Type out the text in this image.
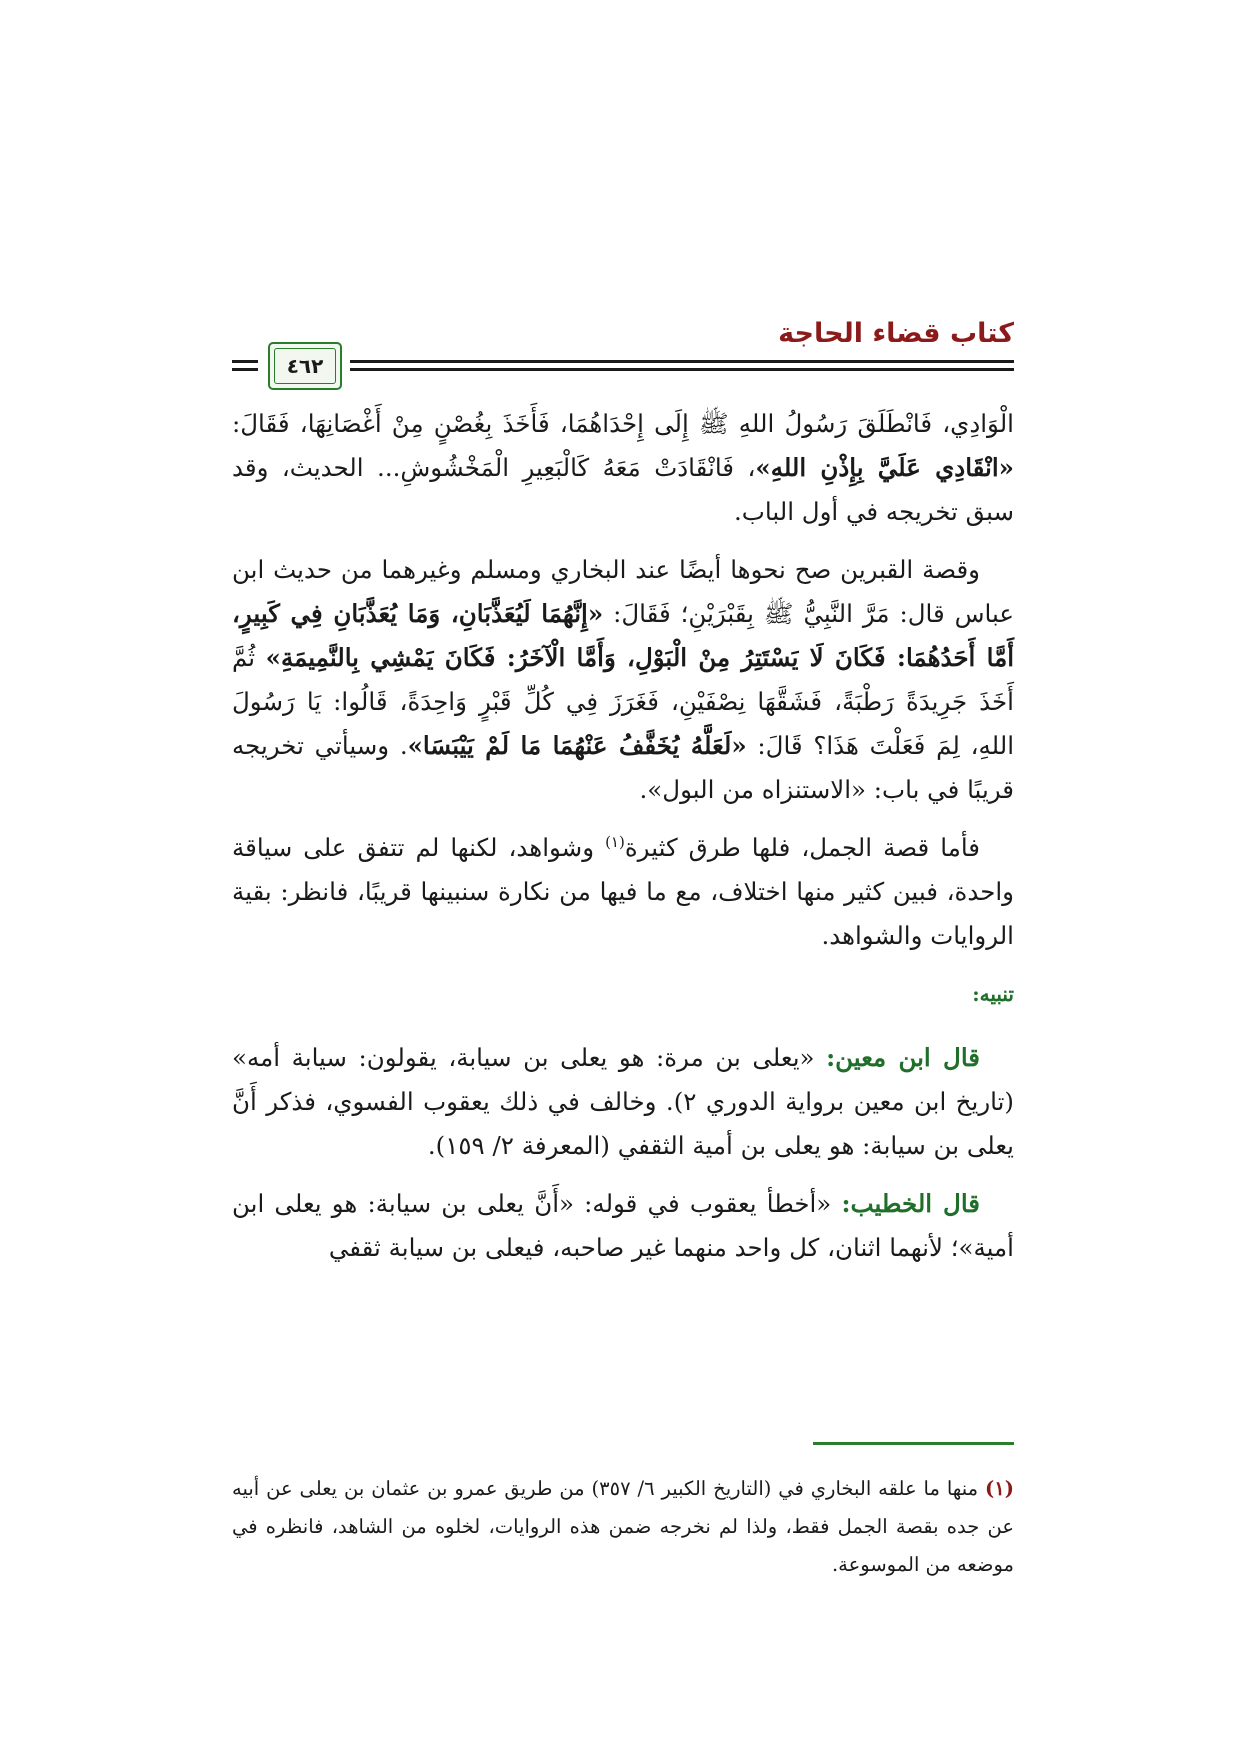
كتاب قضاء الحاجة
٤٦٢

الْوَادِي، فَانْطَلَقَ رَسُولُ اللهِ ﷺ إِلَى إِحْدَاهُمَا، فَأَخَذَ بِغُصْنٍ مِنْ أَغْصَانِهَا، فَقَالَ: «انْقَادِي عَلَيَّ بِإِذْنِ اللهِ»، فَانْقَادَتْ مَعَهُ كَالْبَعِيرِ الْمَخْشُوشِ... الحديث، وقد سبق تخريجه في أول الباب.

وقصة القبرين صح نحوها أيضًا عند البخاري ومسلم وغيرهما من حديث ابن عباس قال: مَرَّ النَّبِيُّ ﷺ بِقَبْرَيْنِ؛ فَقَالَ: «إِنَّهُمَا لَيُعَذَّبَانِ، وَمَا يُعَذَّبَانِ فِي كَبِيرٍ، أَمَّا أَحَدُهُمَا: فَكَانَ لَا يَسْتَتِرُ مِنْ الْبَوْلِ، وَأَمَّا الْآخَرُ: فَكَانَ يَمْشِي بِالنَّمِيمَةِ» ثُمَّ أَخَذَ جَرِيدَةً رَطْبَةً، فَشَقَّهَا نِصْفَيْنِ، فَغَرَزَ فِي كُلِّ قَبْرٍ وَاحِدَةً، قَالُوا: يَا رَسُولَ اللهِ، لِمَ فَعَلْتَ هَذَا؟ قَالَ: «لَعَلَّهُ يُخَفَّفُ عَنْهُمَا مَا لَمْ يَيْبَسَا». وسيأتي تخريجه قريبًا في باب: «الاستنزاه من البول».

فأما قصة الجمل، فلها طرق كثيرة$^{(١)}$ وشواهد، لكنها لم تتفق على سياقة واحدة، فبين كثير منها اختلاف، مع ما فيها من نكارة سنبينها قريبًا، فانظر: بقية الروايات والشواهد.

تنبيه:

قال ابن معين: «يعلى بن مرة: هو يعلى بن سيابة، يقولون: سيابة أمه» (تاريخ ابن معين برواية الدوري ٢). وخالف في ذلك يعقوب الفسوي، فذكر أَنَّ يعلى بن سيابة: هو يعلى بن أمية الثقفي (المعرفة ٢/ ١٥٩).

قال الخطيب: «أخطأ يعقوب في قوله: «أَنَّ يعلى بن سيابة: هو يعلى ابن أمية»؛ لأنهما اثنان، كل واحد منهما غير صاحبه، فيعلى بن سيابة ثقفي

(١) منها ما علقه البخاري في (التاريخ الكبير ٦/ ٣٥٧) من طريق عمرو بن عثمان بن يعلى عن أبيه عن جده بقصة الجمل فقط، ولذا لم نخرجه ضمن هذه الروايات، لخلوه من الشاهد، فانظره في موضعه من الموسوعة.
